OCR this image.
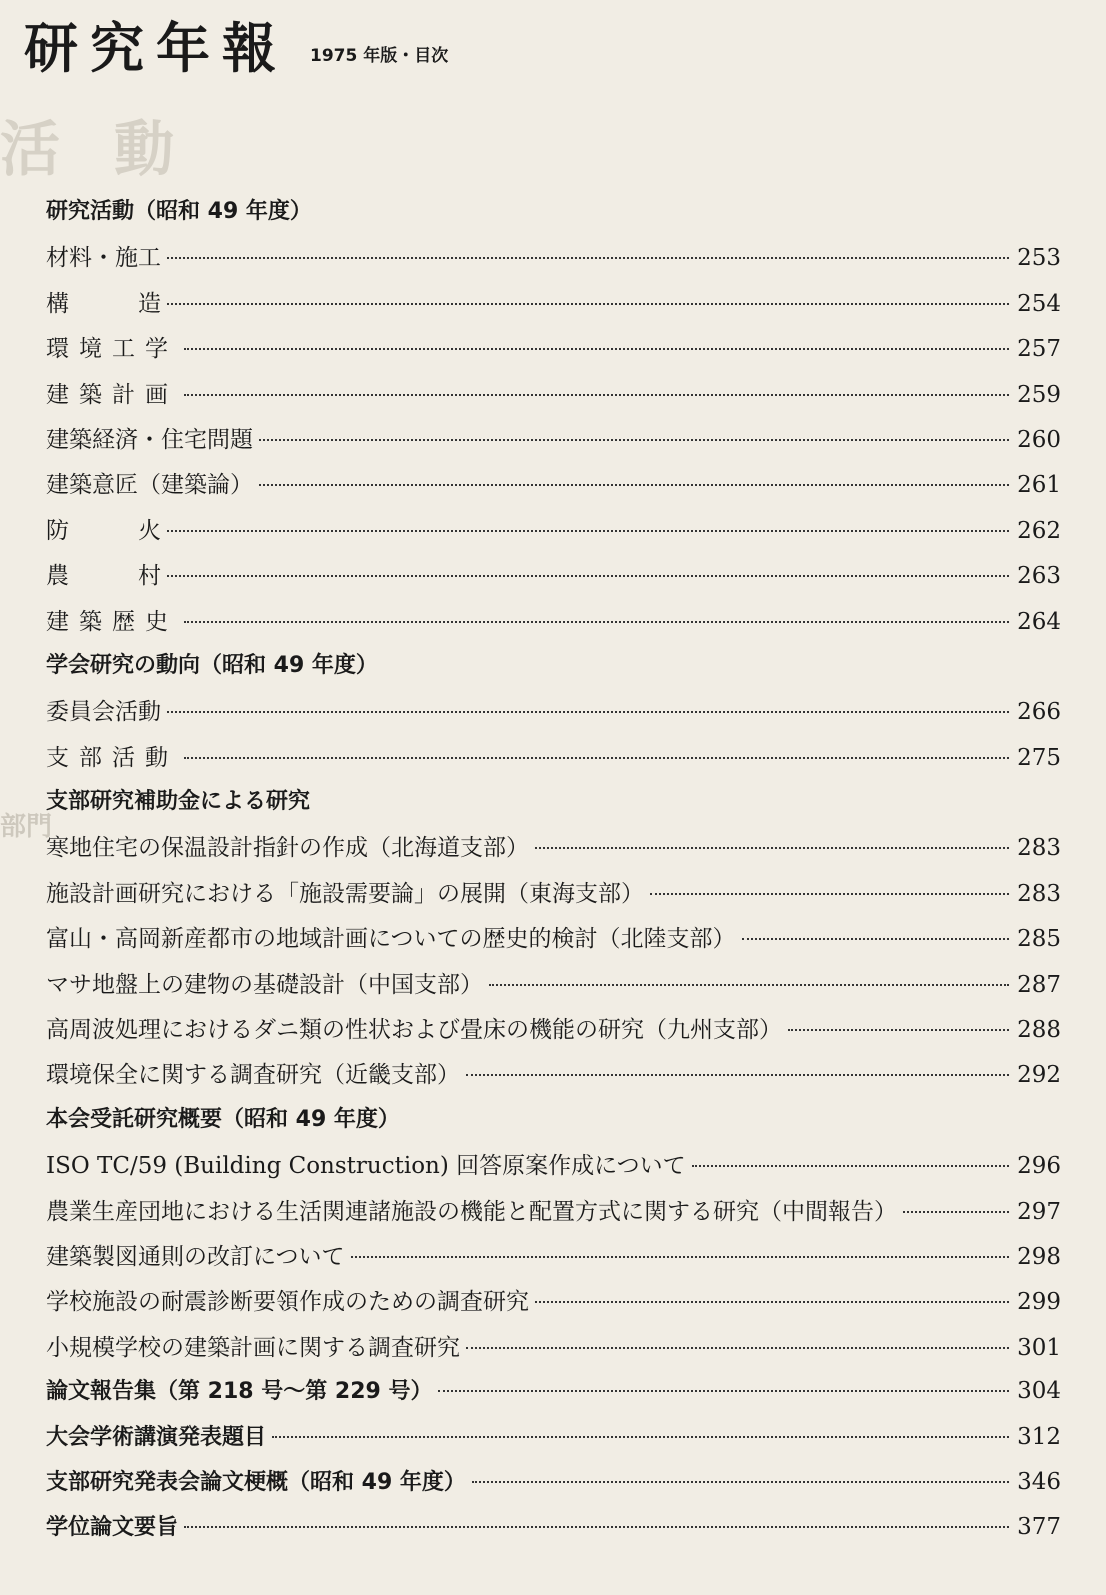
活動
部門
研究年報 1975 年版・目次
研究活動（昭和 49 年度）
材料・施工	253
構　　　造	254
環境工学	257
建築計画	259
建築経済・住宅問題	260
建築意匠（建築論）	261
防　　　火	262
農　　　村	263
建築歴史	264
学会研究の動向（昭和 49 年度）
委員会活動	266
支部活動	275
支部研究補助金による研究
寒地住宅の保温設計指針の作成（北海道支部）	283
施設計画研究における「施設需要論」の展開（東海支部）	283
富山・高岡新産都市の地域計画についての歴史的検討（北陸支部）	285
マサ地盤上の建物の基礎設計（中国支部）	287
高周波処理におけるダニ類の性状および畳床の機能の研究（九州支部）	288
環境保全に関する調査研究（近畿支部）	292
本会受託研究概要（昭和 49 年度）
ISO TC/59 (Building Construction) 回答原案作成について	296
農業生産団地における生活関連諸施設の機能と配置方式に関する研究（中間報告）	297
建築製図通則の改訂について	298
学校施設の耐震診断要領作成のための調査研究	299
小規模学校の建築計画に関する調査研究	301
論文報告集（第 218 号〜第 229 号）	304
大会学術講演発表題目	312
支部研究発表会論文梗概（昭和 49 年度）	346
学位論文要旨	377
